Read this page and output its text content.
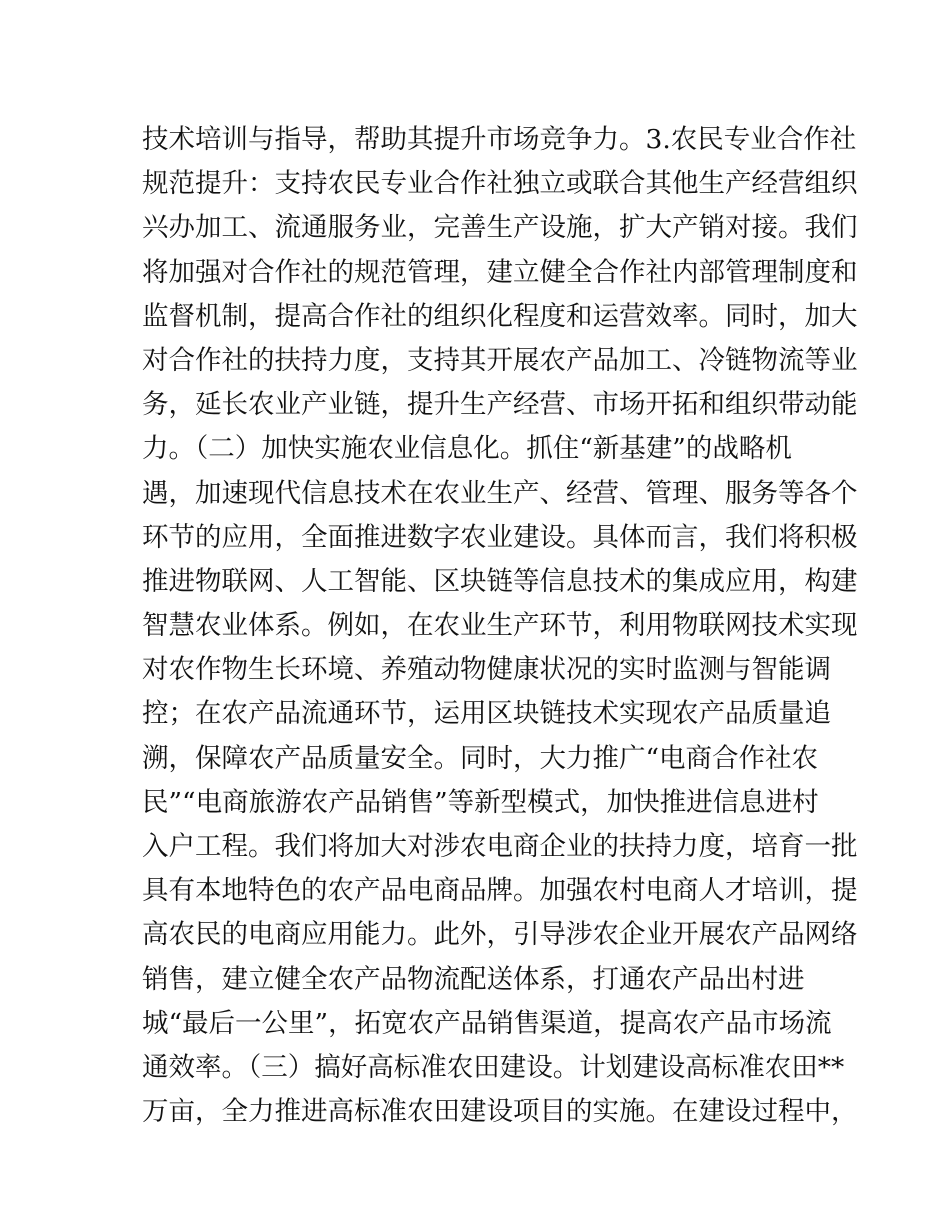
技术培训与指导，帮助其提升市场竞争力。3.农民专业合作社
规范提升：支持农民专业合作社独立或联合其他生产经营组织
兴办加工、流通服务业，完善生产设施，扩大产销对接。我们
将加强对合作社的规范管理，建立健全合作社内部管理制度和
监督机制，提高合作社的组织化程度和运营效率。同时，加大
对合作社的扶持力度，支持其开展农产品加工、冷链物流等业
务，延长农业产业链，提升生产经营、市场开拓和组织带动能
力。（二）加快实施农业信息化。抓住“新基建”的战略机
遇，加速现代信息技术在农业生产、经营、管理、服务等各个
环节的应用，全面推进数字农业建设。具体而言，我们将积极
推进物联网、人工智能、区块链等信息技术的集成应用，构建
智慧农业体系。例如，在农业生产环节，利用物联网技术实现
对农作物生长环境、养殖动物健康状况的实时监测与智能调
控；在农产品流通环节，运用区块链技术实现农产品质量追
溯，保障农产品质量安全。同时，大力推广“电商合作社农
民”“电商旅游农产品销售”等新型模式，加快推进信息进村
入户工程。我们将加大对涉农电商企业的扶持力度，培育一批
具有本地特色的农产品电商品牌。加强农村电商人才培训，提
高农民的电商应用能力。此外，引导涉农企业开展农产品网络
销售，建立健全农产品物流配送体系，打通农产品出村进
城“最后一公里”，拓宽农产品销售渠道，提高农产品市场流
通效率。（三）搞好高标准农田建设。计划建设高标准农田**
万亩，全力推进高标准农田建设项目的实施。在建设过程中，
